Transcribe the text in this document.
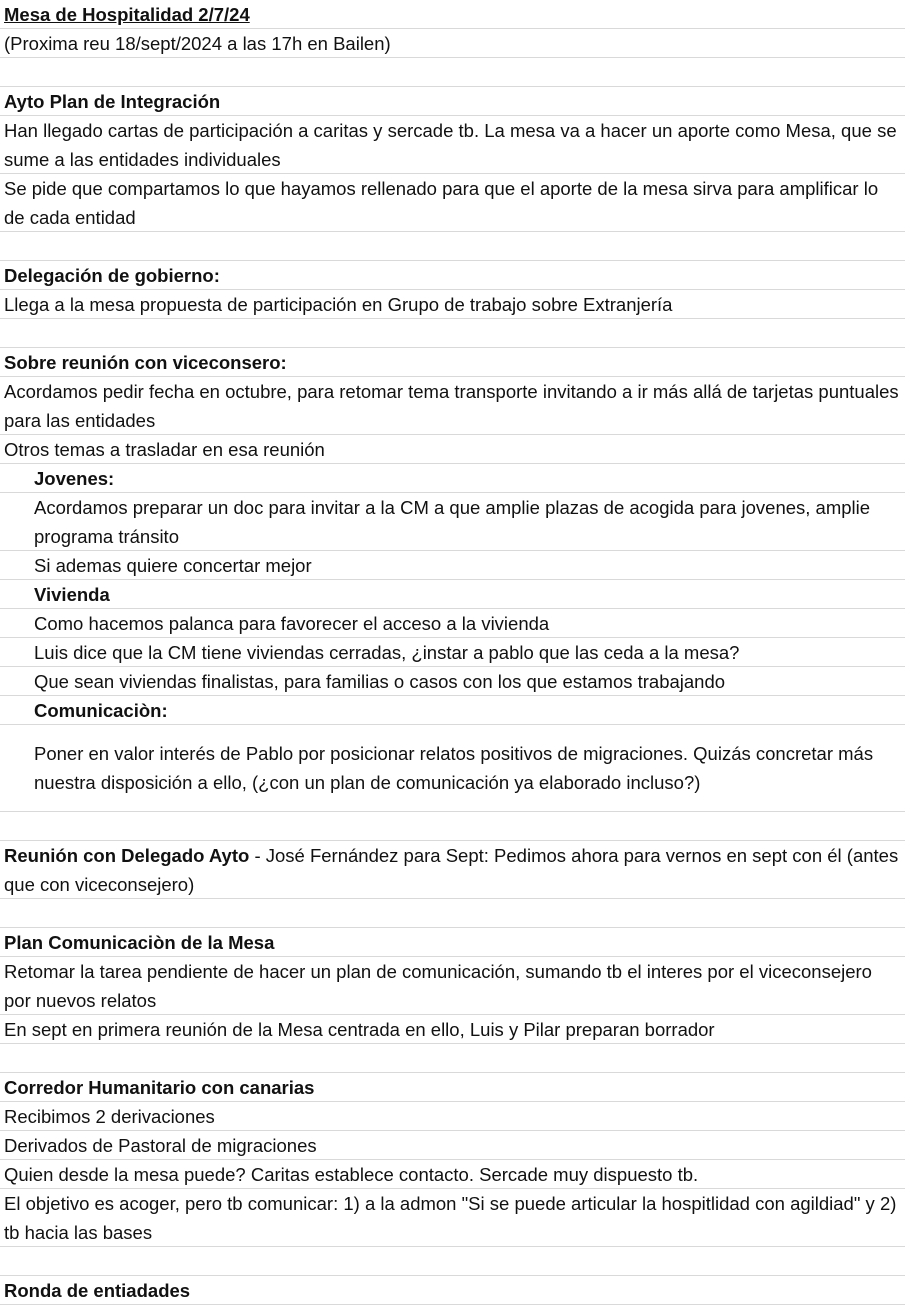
Mesa de Hospitalidad 2/7/24
(Proxima reu 18/sept/2024 a las 17h en Bailen)
Ayto Plan de Integración
Han llegado cartas de participación a caritas y sercade tb. La mesa va a hacer un aporte como Mesa, que se sume a las entidades individuales
Se pide que compartamos lo que hayamos rellenado para que el aporte de la mesa sirva para amplificar lo de cada entidad
Delegación de gobierno:
Llega a la mesa propuesta de participación en Grupo de trabajo sobre Extranjería
Sobre reunión con viceconsero:
Acordamos pedir fecha en octubre, para retomar tema transporte invitando a ir más allá de tarjetas puntuales para las entidades
Otros temas a trasladar en esa reunión
Jovenes:
Acordamos preparar un doc para invitar a la CM a que amplie plazas de acogida para jovenes, amplie programa tránsito
Si ademas quiere concertar mejor
Vivienda
Como hacemos palanca para favorecer el acceso a la vivienda
Luis dice que la CM tiene viviendas cerradas, ¿instar a pablo que las ceda a la mesa?
Que sean viviendas finalistas, para familias o casos con los que estamos trabajando
Comunicaciòn:
Poner en valor interés de Pablo por posicionar relatos positivos de migraciones. Quizás concretar más nuestra disposición a ello, (¿con un plan de comunicación ya elaborado incluso?)
Reunión con Delegado Ayto - José Fernández para Sept: Pedimos ahora para vernos en sept con él (antes que con viceconsejero)
Plan Comunicaciòn de la Mesa
Retomar la tarea pendiente de hacer un plan de comunicación, sumando tb el interes por el viceconsejero por nuevos relatos
En sept en primera reunión de la Mesa centrada en ello, Luis y Pilar preparan borrador
Corredor Humanitario con canarias
Recibimos 2 derivaciones
Derivados de Pastoral de migraciones
Quien desde la mesa puede? Caritas establece contacto. Sercade muy dispuesto tb.
El objetivo es acoger, pero tb comunicar: 1) a la admon "Si se puede articular la hospitlidad con agildiad" y 2) tb hacia las bases
Ronda de entiadades
